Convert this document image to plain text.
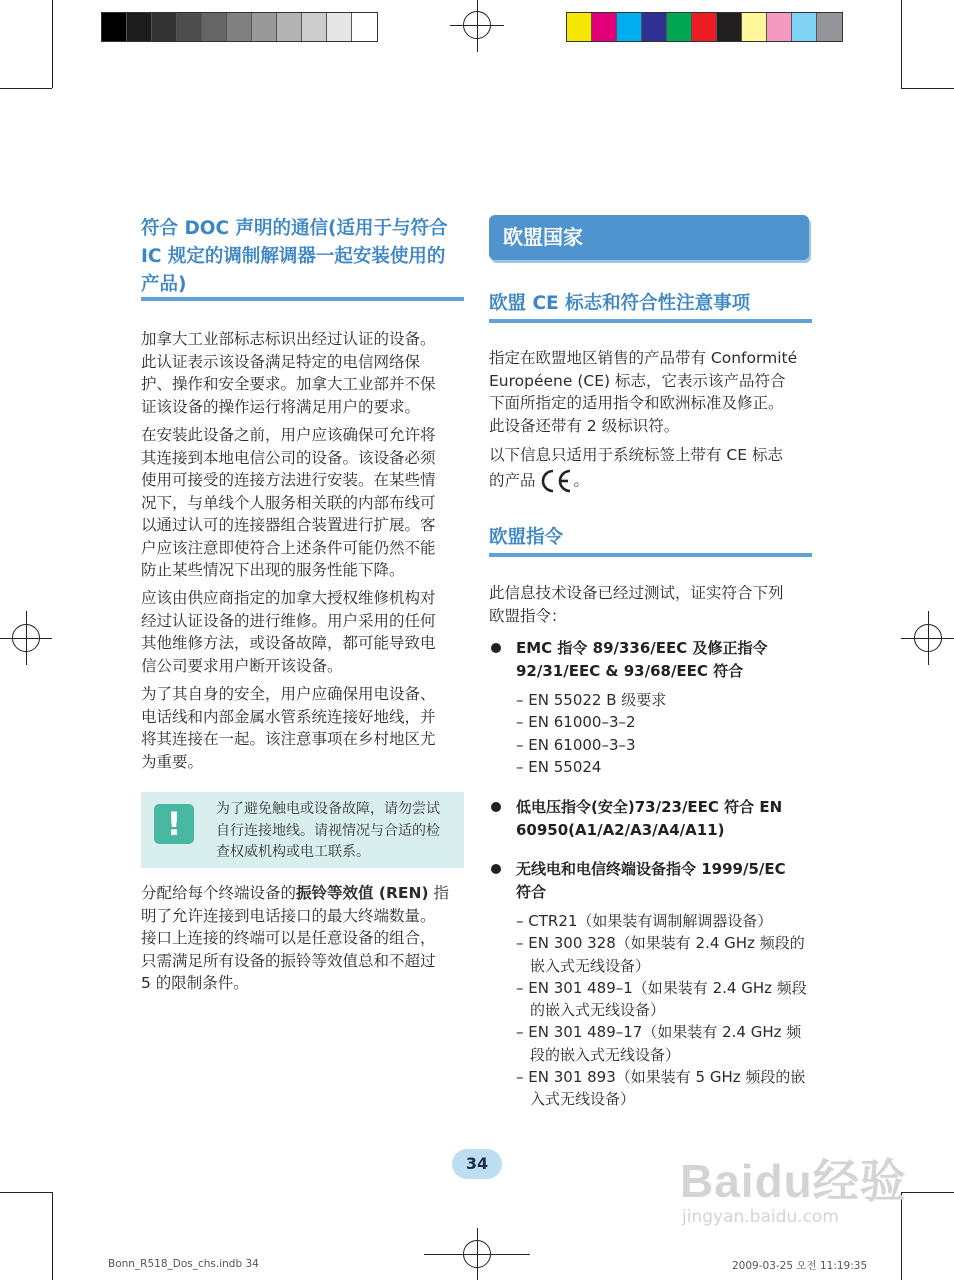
符合 DOC 声明的通信(适用于与符合
IC 规定的调制解调器一起安装使用的
产品)
加拿大工业部标志标识出经过认证的设备。
此认证表示该设备满足特定的电信网络保
护、操作和安全要求。加拿大工业部并不保
证该设备的操作运行将满足用户的要求。
在安装此设备之前，用户应该确保可允许将
其连接到本地电信公司的设备。该设备必须
使用可接受的连接方法进行安装。在某些情
况下，与单线个人服务相关联的内部布线可
以通过认可的连接器组合装置进行扩展。客
户应该注意即使符合上述条件可能仍然不能
防止某些情况下出现的服务性能下降。
应该由供应商指定的加拿大授权维修机构对
经过认证设备的进行维修。用户采用的任何
其他维修方法，或设备故障，都可能导致电
信公司要求用户断开该设备。
为了其自身的安全，用户应确保用电设备、
电话线和内部金属水管系统连接好地线，并
将其连接在一起。该注意事项在乡村地区尤
为重要。
!	为了避免触电或设备故障，请勿尝试
自行连接地线。请视情况与合适的检
查权威机构或电工联系。
分配给每个终端设备的振铃等效值 (REN) 指
明了允许连接到电话接口的最大终端数量。
接口上连接的终端可以是任意设备的组合，
只需满足所有设备的振铃等效值总和不超过
5 的限制条件。
欧盟国家
欧盟 CE 标志和符合性注意事项
指定在欧盟地区销售的产品带有 Conformité
Européene (CE) 标志，它表示该产品符合
下面所指定的适用指令和欧洲标准及修正。
此设备还带有 2 级标识符。
以下信息只适用于系统标签上带有 CE 标志
的产品 。
欧盟指令
此信息技术设备已经过测试，证实符合下列
欧盟指令：
EMC 指令 89/336/EEC 及修正指令
92/31/EEC & 93/68/EEC 符合
– EN 55022 B 级要求
– EN 61000–3–2
– EN 61000–3–3
– EN 55024
低电压指令(安全)73/23/EEC 符合 EN
60950(A1/A2/A3/A4/A11)
无线电和电信终端设备指令 1999/5/EC
符合
– CTR21（如果装有调制解调器设备）
– EN 300 328（如果装有 2.4 GHz 频段的嵌入式无线设备）
– EN 301 489–1（如果装有 2.4 GHz 频段的嵌入式无线设备）
– EN 301 489–17（如果装有 2.4 GHz 频段的嵌入式无线设备）
– EN 301 893（如果装有 5 GHz 频段的嵌入式无线设备）
34	Baidu经验
jingyan.baidu.com
Bonn_R518_Dos_chs.indb 34	2009-03-25 오전 11:19:35
